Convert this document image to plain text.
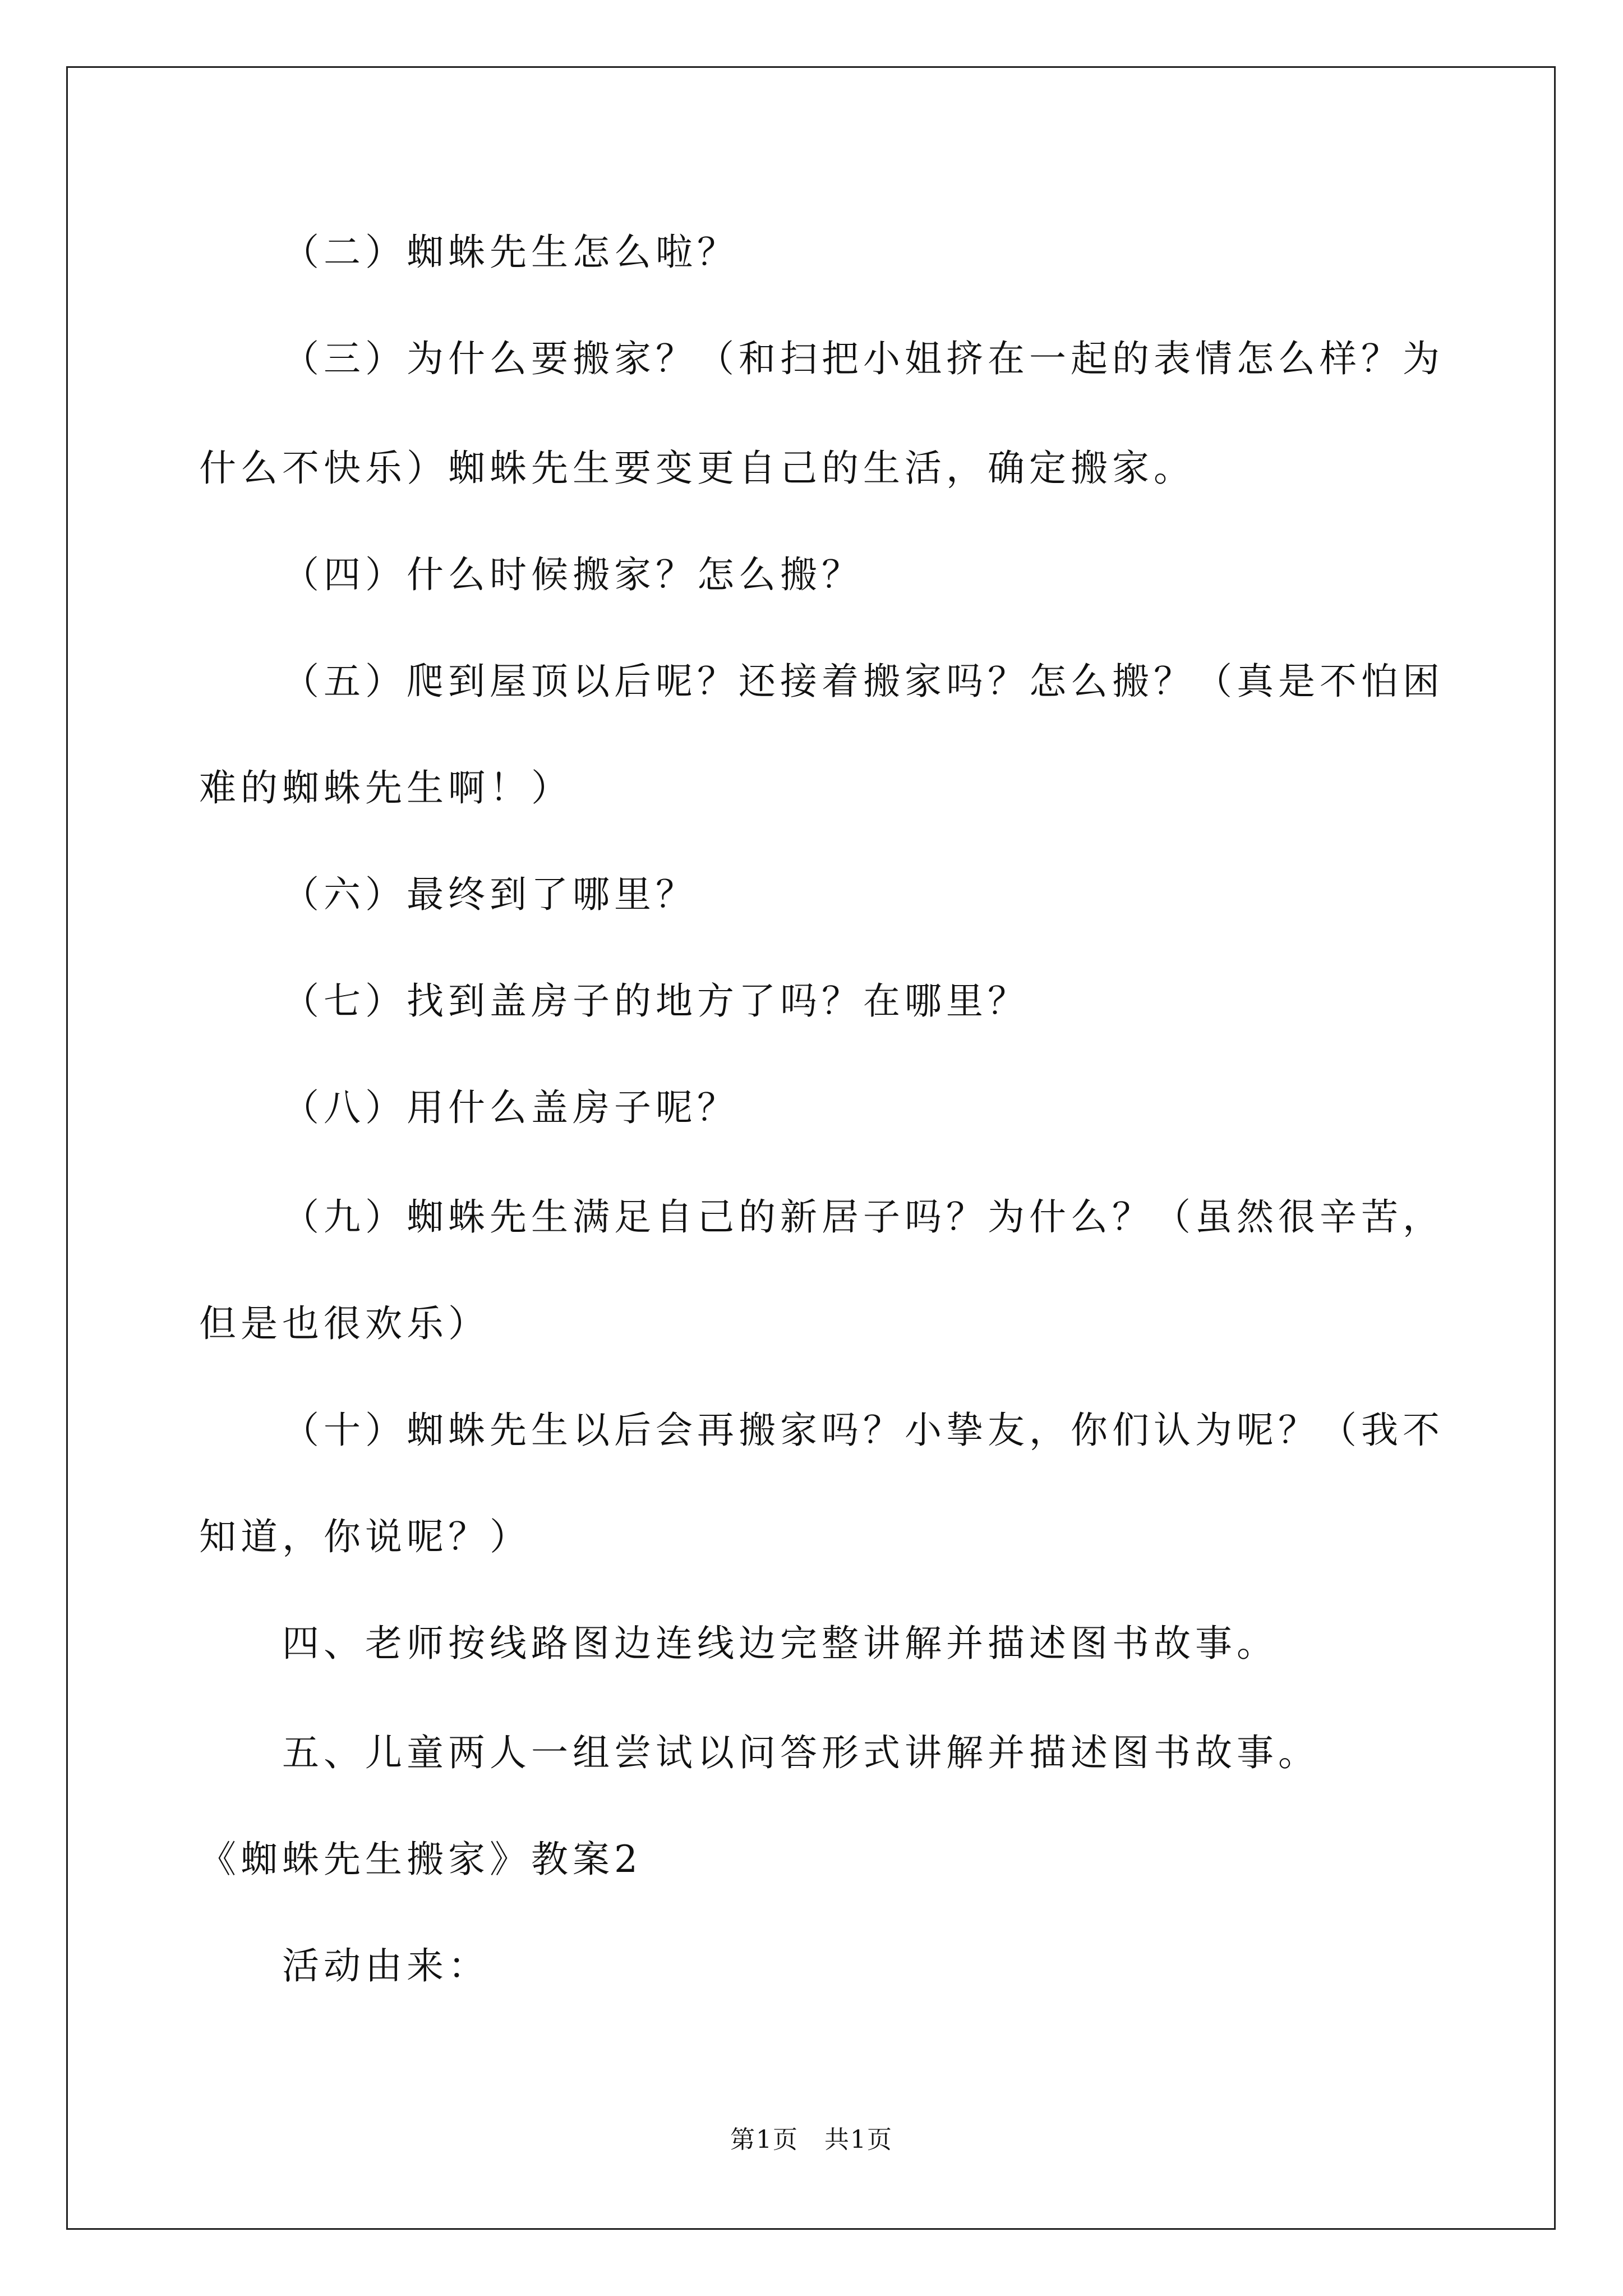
（二）蜘蛛先生怎么啦？
（三）为什么要搬家？（和扫把小姐挤在一起的表情怎么样？为
什么不快乐）蜘蛛先生要变更自己的生活，确定搬家。
（四）什么时候搬家？怎么搬？
（五）爬到屋顶以后呢？还接着搬家吗？怎么搬？（真是不怕困
难的蜘蛛先生啊！）
（六）最终到了哪里？
（七）找到盖房子的地方了吗？在哪里？
（八）用什么盖房子呢？
（九）蜘蛛先生满足自己的新居子吗？为什么？（虽然很辛苦，
但是也很欢乐）
（十）蜘蛛先生以后会再搬家吗？小挚友，你们认为呢？（我不
知道，你说呢？）
四、老师按线路图边连线边完整讲解并描述图书故事。
五、儿童两人一组尝试以问答形式讲解并描述图书故事。
《蜘蛛先生搬家》教案2
活动由来：
第1页　共1页
